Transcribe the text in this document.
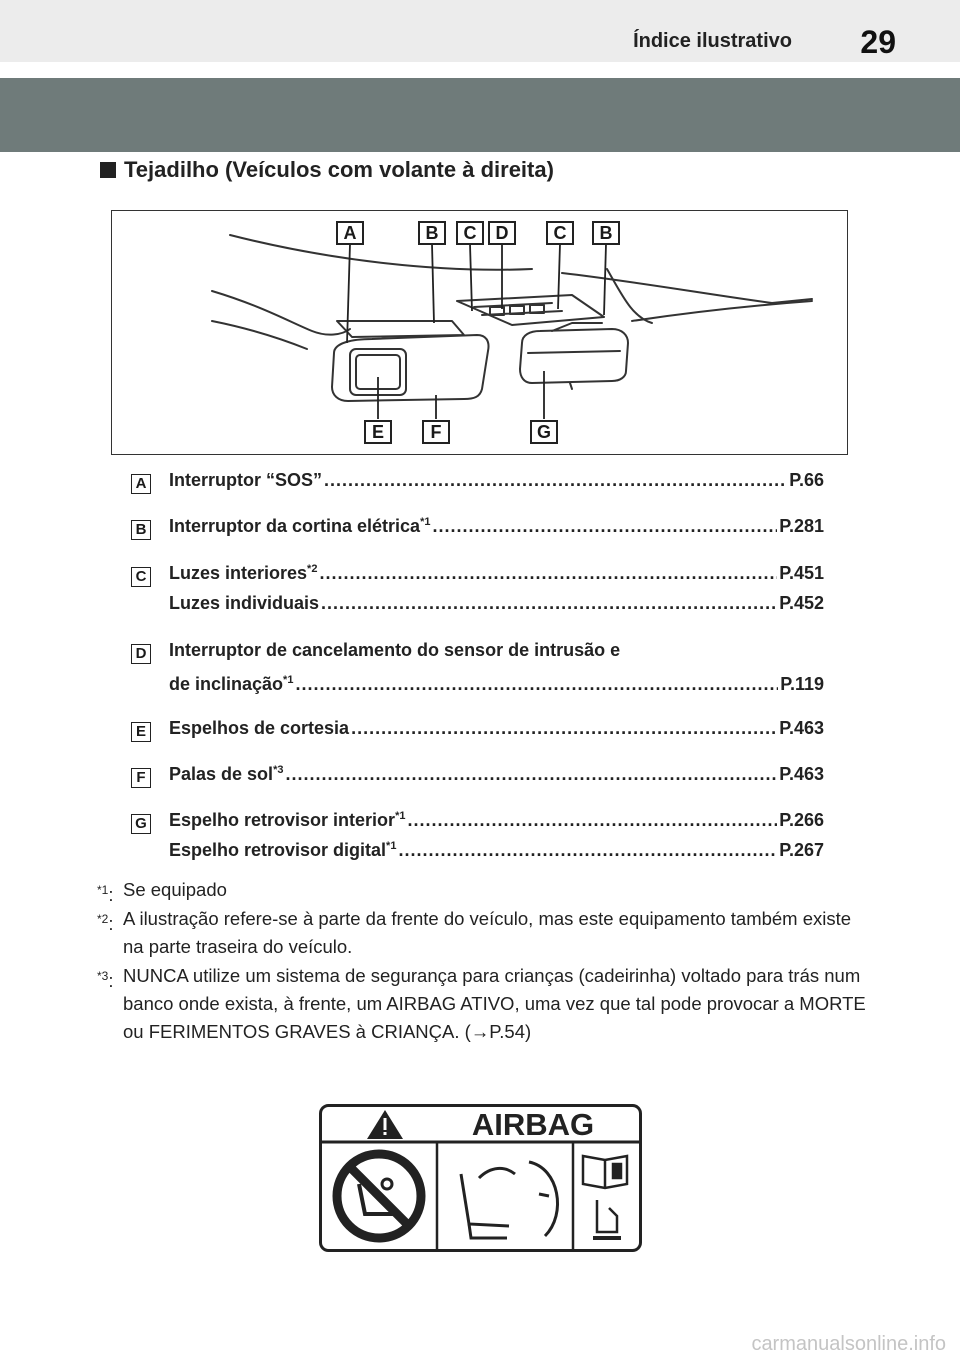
Índice ilustrativo 29
Tejadilho (Veículos com volante à direita)
A	B	C	D	C	B
E	F	G
A Interruptor “SOS” .....	P.66
B Interruptor da cortina elétrica$^{*1}$ .....	P.281
C Luzes interiores$^{*2}$ .....	P.451
Luzes individuais .....	P.452
D Interruptor de cancelamento do sensor de intrusão e
de inclinação$^{*1}$ .....	P.119
E Espelhos de cortesia .....	P.463
F	Palas de sol$^{*3}$ .....	P.463
G Espelho retrovisor interior$^{*1}$ .....	P.266
Espelho retrovisor digital$^{*1}$ .....	P.267
$^{*1}$: Se equipado
$^{*2}$: A ilustração refere-se à parte da frente do veículo, mas este equipamento também existe na parte traseira do veículo.
$^{*3}$: NUNCA utilize um sistema de segurança para crianças (cadeirinha) voltado para trás num banco onde exista, à frente, um AIRBAG ATIVO, uma vez que tal pode provocar a MORTE ou FERIMENTOS GRAVES à CRIANÇA. (→P.54)
AIRBAG
carmanualsonline.info
